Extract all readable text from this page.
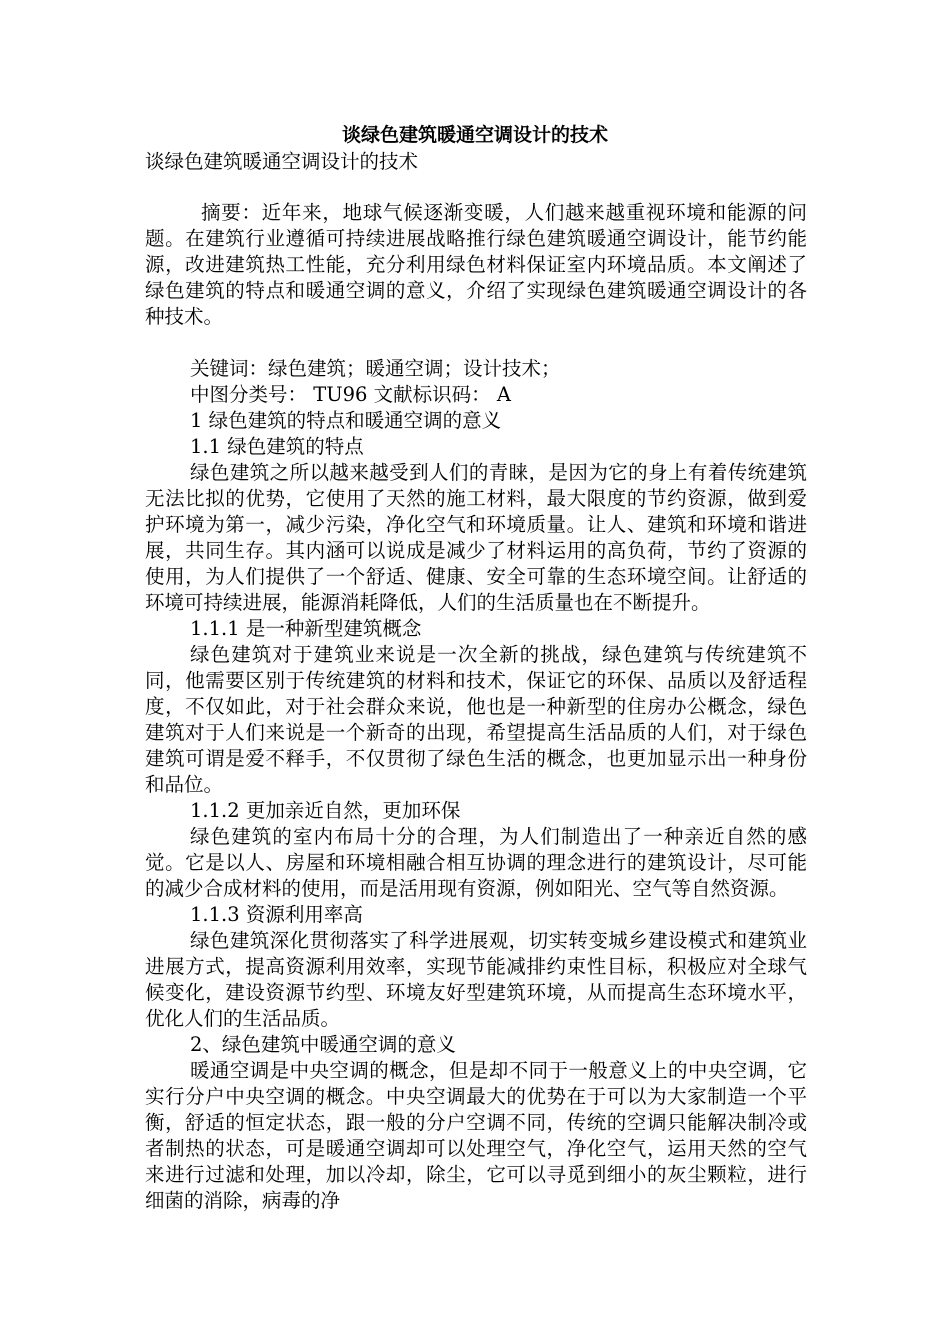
谈绿色建筑暖通空调设计的技术

谈绿色建筑暖通空调设计的技术

摘要：近年来，地球气候逐渐变暖，人们越来越重视环境和能源的问题。在建筑行业遵循可持续进展战略推行绿色建筑暖通空调设计，能节约能源，改进建筑热工性能，充分利用绿色材料保证室内环境品质。本文阐述了绿色建筑的特点和暖通空调的意义，介绍了实现绿色建筑暖通空调设计的各种技术。

关键词：绿色建筑；暖通空调；设计技术；

中图分类号： TU96 文献标识码： A

1 绿色建筑的特点和暖通空调的意义

1.1 绿色建筑的特点

绿色建筑之所以越来越受到人们的青睐，是因为它的身上有着传统建筑无法比拟的优势，它使用了天然的施工材料，最大限度的节约资源，做到爱护环境为第一，减少污染，净化空气和环境质量。让人、建筑和环境和谐进展，共同生存。其内涵可以说成是减少了材料运用的高负荷，节约了资源的使用，为人们提供了一个舒适、健康、安全可靠的生态环境空间。让舒适的环境可持续进展，能源消耗降低，人们的生活质量也在不断提升。

1.1.1 是一种新型建筑概念

绿色建筑对于建筑业来说是一次全新的挑战，绿色建筑与传统建筑不同，他需要区别于传统建筑的材料和技术，保证它的环保、品质以及舒适程度，不仅如此，对于社会群众来说，他也是一种新型的住房办公概念，绿色建筑对于人们来说是一个新奇的出现，希望提高生活品质的人们，对于绿色建筑可谓是爱不释手，不仅贯彻了绿色生活的概念，也更加显示出一种身份和品位。

1.1.2 更加亲近自然，更加环保

绿色建筑的室内布局十分的合理，为人们制造出了一种亲近自然的感觉。它是以人、房屋和环境相融合相互协调的理念进行的建筑设计，尽可能的减少合成材料的使用，而是活用现有资源，例如阳光、空气等自然资源。

1.1.3 资源利用率高

绿色建筑深化贯彻落实了科学进展观，切实转变城乡建设模式和建筑业进展方式，提高资源利用效率，实现节能减排约束性目标，积极应对全球气候变化，建设资源节约型、环境友好型建筑环境，从而提高生态环境水平，优化人们的生活品质。

2、绿色建筑中暖通空调的意义

暖通空调是中央空调的概念，但是却不同于一般意义上的中央空调，它实行分户中央空调的概念。中央空调最大的优势在于可以为大家制造一个平衡，舒适的恒定状态，跟一般的分户空调不同，传统的空调只能解决制冷或者制热的状态，可是暖通空调却可以处理空气，净化空气，运用天然的空气来进行过滤和处理，加以冷却，除尘，它可以寻觅到细小的灰尘颗粒，进行细菌的消除，病毒的净
